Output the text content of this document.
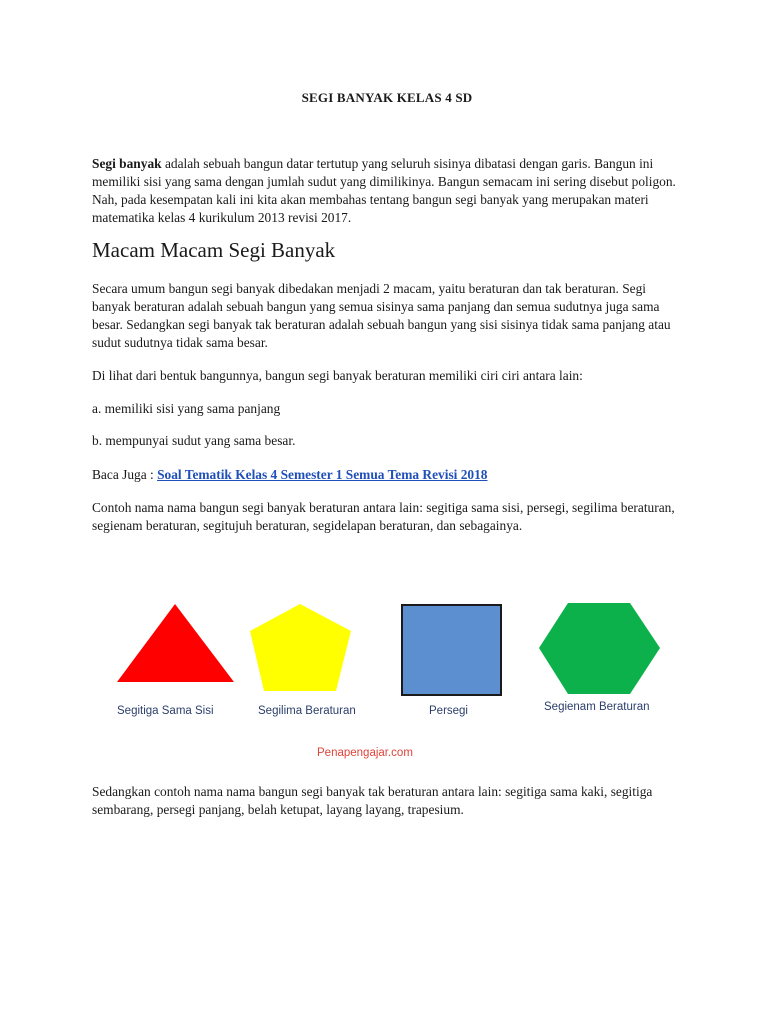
SEGI BANYAK KELAS 4 SD

Segi banyak adalah sebuah bangun datar tertutup yang seluruh sisinya dibatasi dengan garis. Bangun ini memiliki sisi yang sama dengan jumlah sudut yang dimilikinya. Bangun semacam ini sering disebut poligon. Nah, pada kesempatan kali ini kita akan membahas tentang bangun segi banyak yang merupakan materi matematika kelas 4 kurikulum 2013 revisi 2017.

Macam Macam Segi Banyak

Secara umum bangun segi banyak dibedakan menjadi 2 macam, yaitu beraturan dan tak beraturan. Segi banyak beraturan adalah sebuah bangun yang semua sisinya sama panjang dan semua sudutnya juga sama besar. Sedangkan segi banyak tak beraturan adalah sebuah bangun yang sisi sisinya tidak sama panjang atau sudut sudutnya tidak sama besar.

Di lihat dari bentuk bangunnya, bangun segi banyak beraturan memiliki ciri ciri antara lain:

a. memiliki sisi yang sama panjang

b. mempunyai sudut yang sama besar.

Baca Juga : Soal Tematik Kelas 4 Semester 1 Semua Tema Revisi 2018

Contoh nama nama bangun segi banyak beraturan antara lain: segitiga sama sisi, persegi, segilima beraturan, segienam beraturan, segitujuh beraturan, segidelapan beraturan, dan sebagainya.

Segitiga Sama Sisi	Segilima Beraturan	Persegi	Segienam Beraturan
Penapengajar.com

Sedangkan contoh nama nama bangun segi banyak tak beraturan antara lain: segitiga sama kaki, segitiga sembarang, persegi panjang, belah ketupat, layang layang, trapesium.
